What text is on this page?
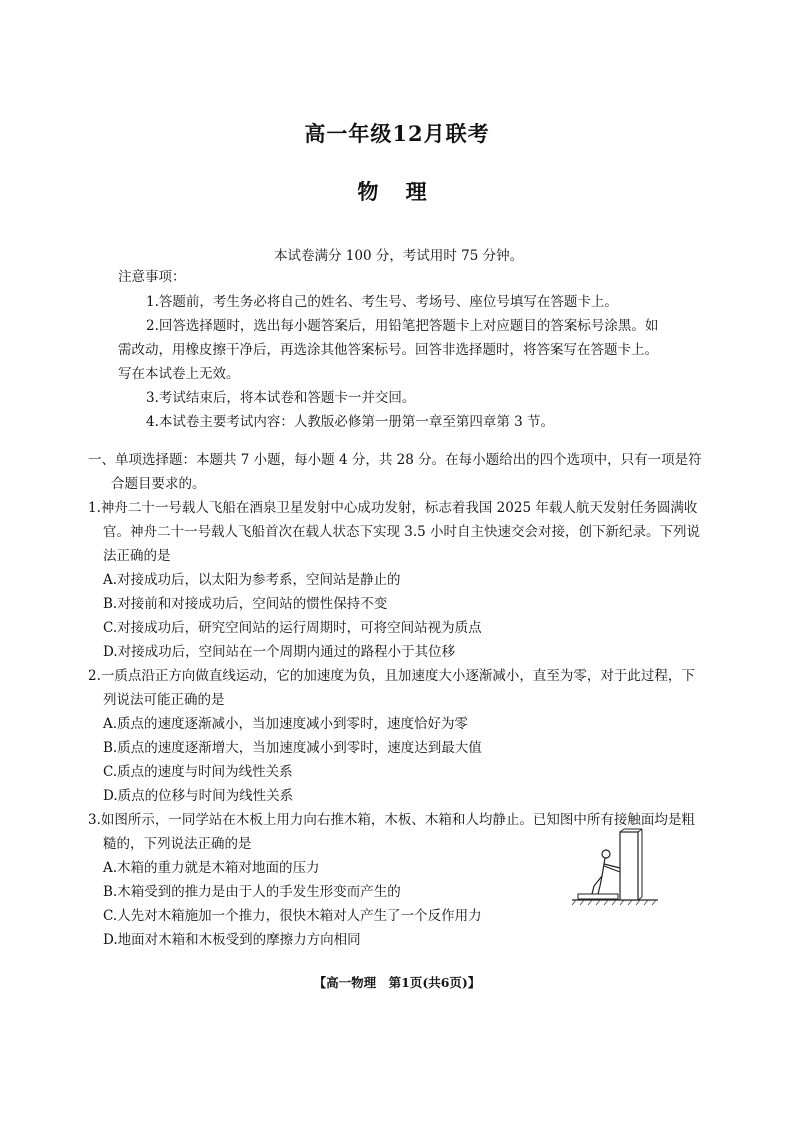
高一年级12月联考
物 理
本试卷满分 100 分，考试用时 75 分钟。
注意事项：
1.答题前，考生务必将自己的姓名、考生号、考场号、座位号填写在答题卡上。
2.回答选择题时，选出每小题答案后，用铅笔把答题卡上对应题目的答案标号涂黑。如
需改动，用橡皮擦干净后，再选涂其他答案标号。回答非选择题时，将答案写在答题卡上。
写在本试卷上无效。
3.考试结束后，将本试卷和答题卡一并交回。
4.本试卷主要考试内容：人教版必修第一册第一章至第四章第 3 节。
一、单项选择题：本题共 7 小题，每小题 4 分，共 28 分。在每小题给出的四个选项中，只有一项是符
合题目要求的。
1.神舟二十一号载人飞船在酒泉卫星发射中心成功发射，标志着我国 2025 年载人航天发射任务圆满收
官。神舟二十一号载人飞船首次在载人状态下实现 3.5 小时自主快速交会对接，创下新纪录。下列说
法正确的是
A.对接成功后，以太阳为参考系，空间站是静止的
B.对接前和对接成功后，空间站的惯性保持不变
C.对接成功后，研究空间站的运行周期时，可将空间站视为质点
D.对接成功后，空间站在一个周期内通过的路程小于其位移
2.一质点沿正方向做直线运动，它的加速度为负，且加速度大小逐渐减小，直至为零，对于此过程，下
列说法可能正确的是
A.质点的速度逐渐减小，当加速度减小到零时，速度恰好为零
B.质点的速度逐渐增大，当加速度减小到零时，速度达到最大值
C.质点的速度与时间为线性关系
D.质点的位移与时间为线性关系
3.如图所示，一同学站在木板上用力向右推木箱，木板、木箱和人均静止。已知图中所有接触面均是粗
糙的，下列说法正确的是
A.木箱的重力就是木箱对地面的压力
B.木箱受到的推力是由于人的手发生形变而产生的
C.人先对木箱施加一个推力，很快木箱对人产生了一个反作用力
D.地面对木箱和木板受到的摩擦力方向相同
【高一物理　第1页(共6页)】
